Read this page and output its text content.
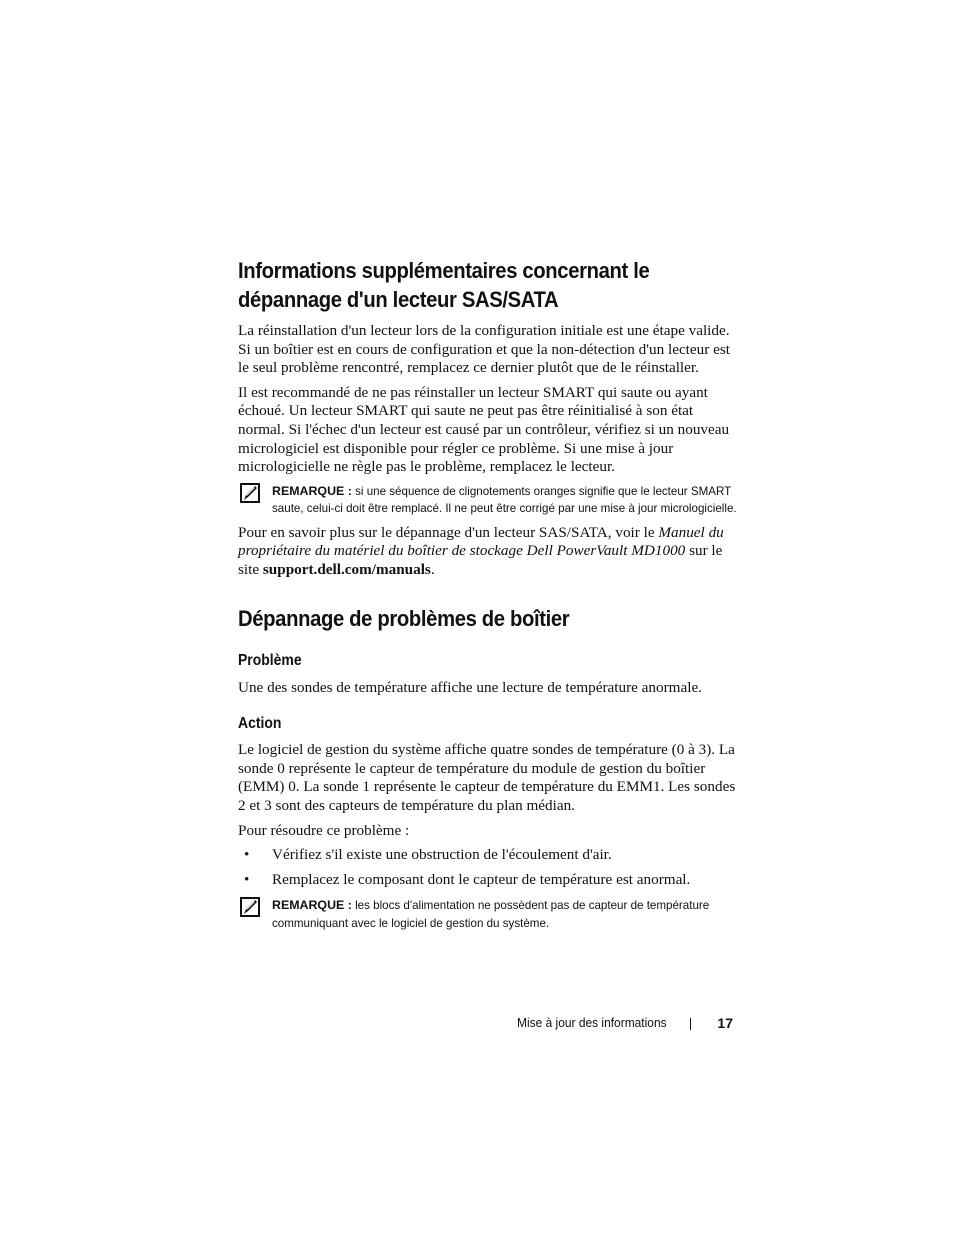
Informations supplémentaires concernant le dépannage d'un lecteur SAS/SATA

La réinstallation d'un lecteur lors de la configuration initiale est une étape valide. Si un boîtier est en cours de configuration et que la non-détection d'un lecteur est le seul problème rencontré, remplacez ce dernier plutôt que de le réinstaller.

Il est recommandé de ne pas réinstaller un lecteur SMART qui saute ou ayant échoué. Un lecteur SMART qui saute ne peut pas être réinitialisé à son état normal. Si l'échec d'un lecteur est causé par un contrôleur, vérifiez si un nouveau micrologiciel est disponible pour régler ce problème. Si une mise à jour micrologicielle ne règle pas le problème, remplacez le lecteur.

REMARQUE : si une séquence de clignotements oranges signifie que le lecteur SMART saute, celui-ci doit être remplacé. Il ne peut être corrigé par une mise à jour micrologicielle.

Pour en savoir plus sur le dépannage d'un lecteur SAS/SATA, voir le Manuel du propriétaire du matériel du boîtier de stockage Dell PowerVault MD1000 sur le site support.dell.com/manuals.

Dépannage de problèmes de boîtier
Problème

Une des sondes de température affiche une lecture de température anormale.

Action

Le logiciel de gestion du système affiche quatre sondes de température (0 à 3). La sonde 0 représente le capteur de température du module de gestion du boîtier (EMM) 0. La sonde 1 représente le capteur de température du EMM1. Les sondes 2 et 3 sont des capteurs de température du plan médian.

Pour résoudre ce problème :

• Vérifiez s'il existe une obstruction de l'écoulement d'air.
• Remplacez le composant dont le capteur de température est anormal.
REMARQUE : les blocs d'alimentation ne possèdent pas de capteur de température communiquant avec le logiciel de gestion du système.
Mise à jour des informations	17
